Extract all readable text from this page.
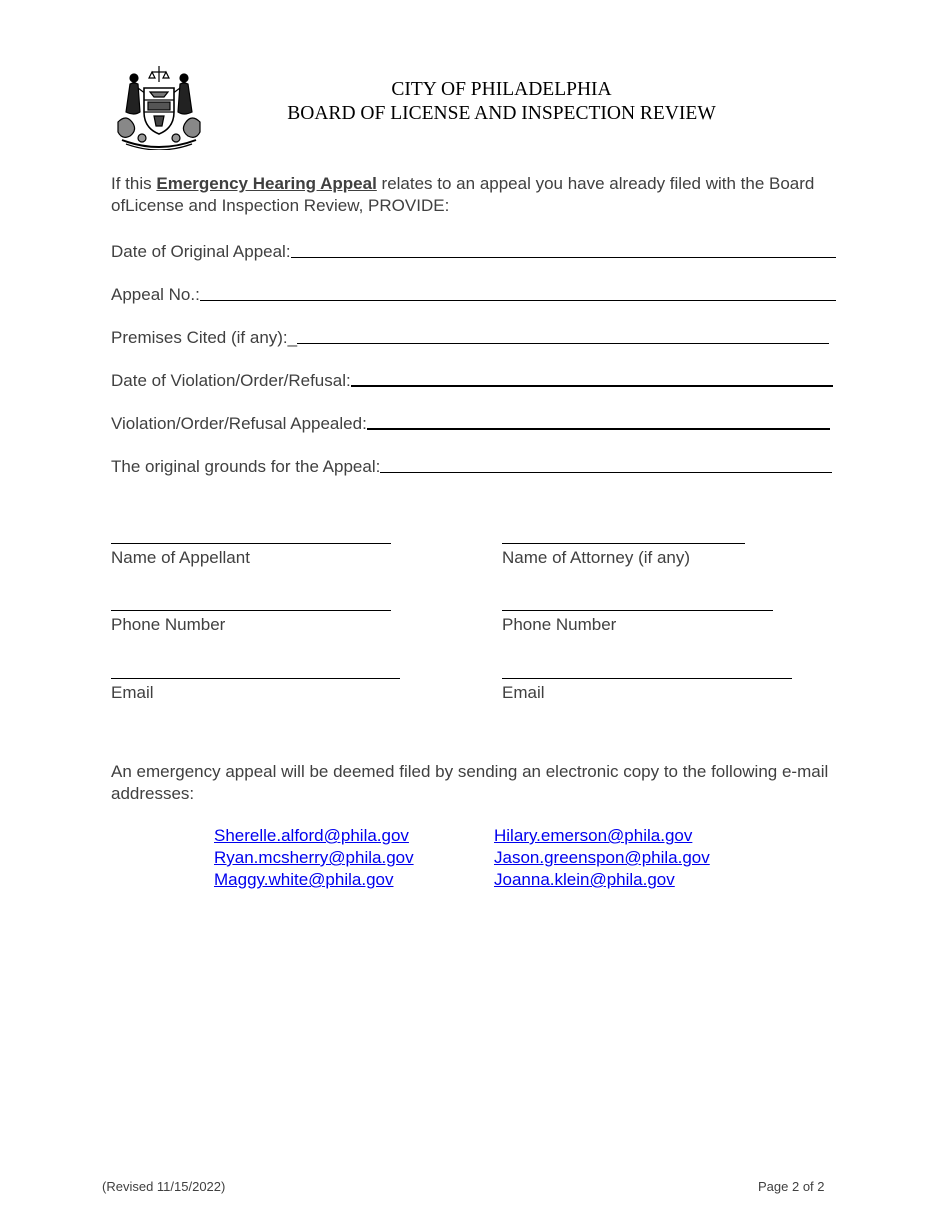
CITY OF PHILADELPHIA
BOARD OF LICENSE AND INSPECTION REVIEW
If this Emergency Hearing Appeal relates to an appeal you have already filed with the Board ofLicense and Inspection Review, PROVIDE:
Date of Original Appeal:
Appeal No.:
Premises Cited (if any):_
Date of Violation/Order/Refusal:
Violation/Order/Refusal Appealed:
The original grounds for the Appeal:
Name of Appellant	Name of Attorney (if any)
Phone Number	Phone Number
Email	Email
An emergency appeal will be deemed filed by sending an electronic copy to the following e-mail addresses:
Sherelle.alford@phila.gov
Ryan.mcsherry@phila.gov
Maggy.white@phila.gov
Hilary.emerson@phila.gov
Jason.greenspon@phila.gov
Joanna.klein@phila.gov
(Revised 11/15/2022)	Page 2 of 2
